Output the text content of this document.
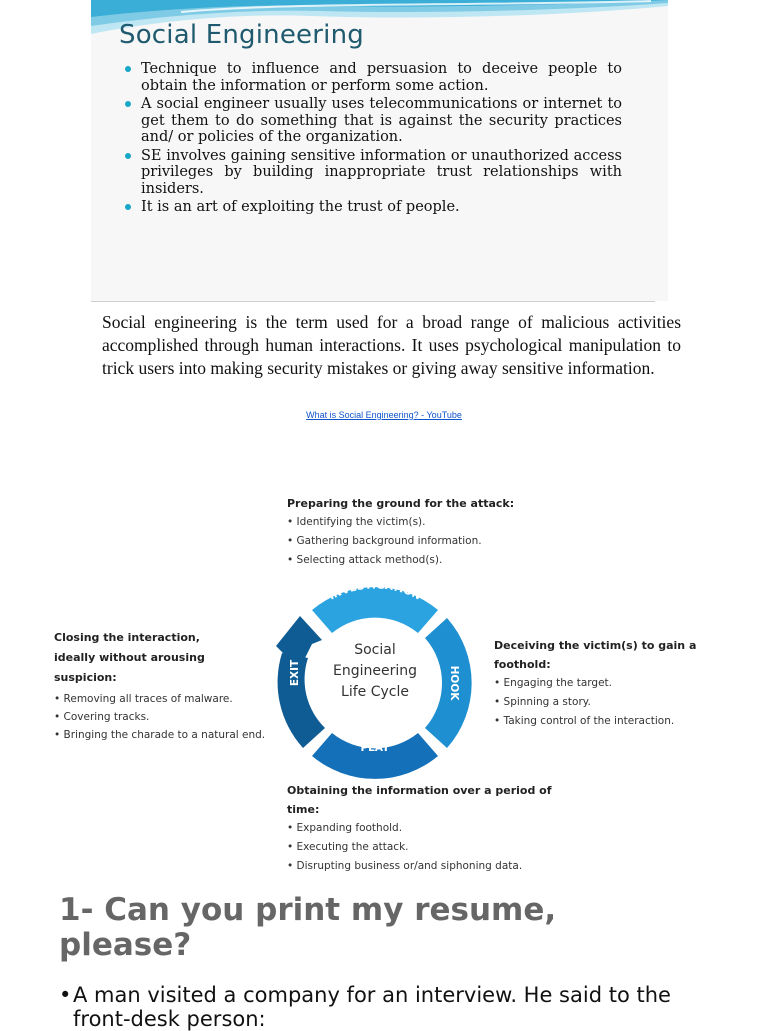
Social Engineering
Technique to influence and persuasion to deceive people to obtain the information or perform some action.
A social engineer usually uses telecommunications or internet to get them to do something that is against the security practices and/ or policies of the organization.
SE involves gaining sensitive information or unauthorized access privileges by building inappropriate trust relationships with insiders.
It is an art of exploiting the trust of people.

Social engineering is the term used for a broad range of malicious activities accomplished through human interactions. It uses psychological manipulation to trick users into making security mistakes or giving away sensitive information.

What is Social Engineering? - YouTube

Preparing the ground for the attack:

• Identifying the victim(s).
• Gathering background information.
• Selecting attack method(s).

Closing the interaction,

ideally without arousing suspicion:

• Removing all traces of malware.
• Covering tracks.
• Bringing the charade to a natural end.

Deceiving the victim(s) to gain a foothold:

• Engaging the target.
• Spinning a story.
• Taking control of the interaction.

Obtaining the information over a period of time:

• Expanding foothold.
• Executing the attack.
• Disrupting business or/and siphoning data.
INVESTIGATION
HOOK
PLAY
EXIT
Social
Engineering
Life Cycle
1- Can you print my resume, please?

• A man visited a company for an interview. He said to the front-desk person:
